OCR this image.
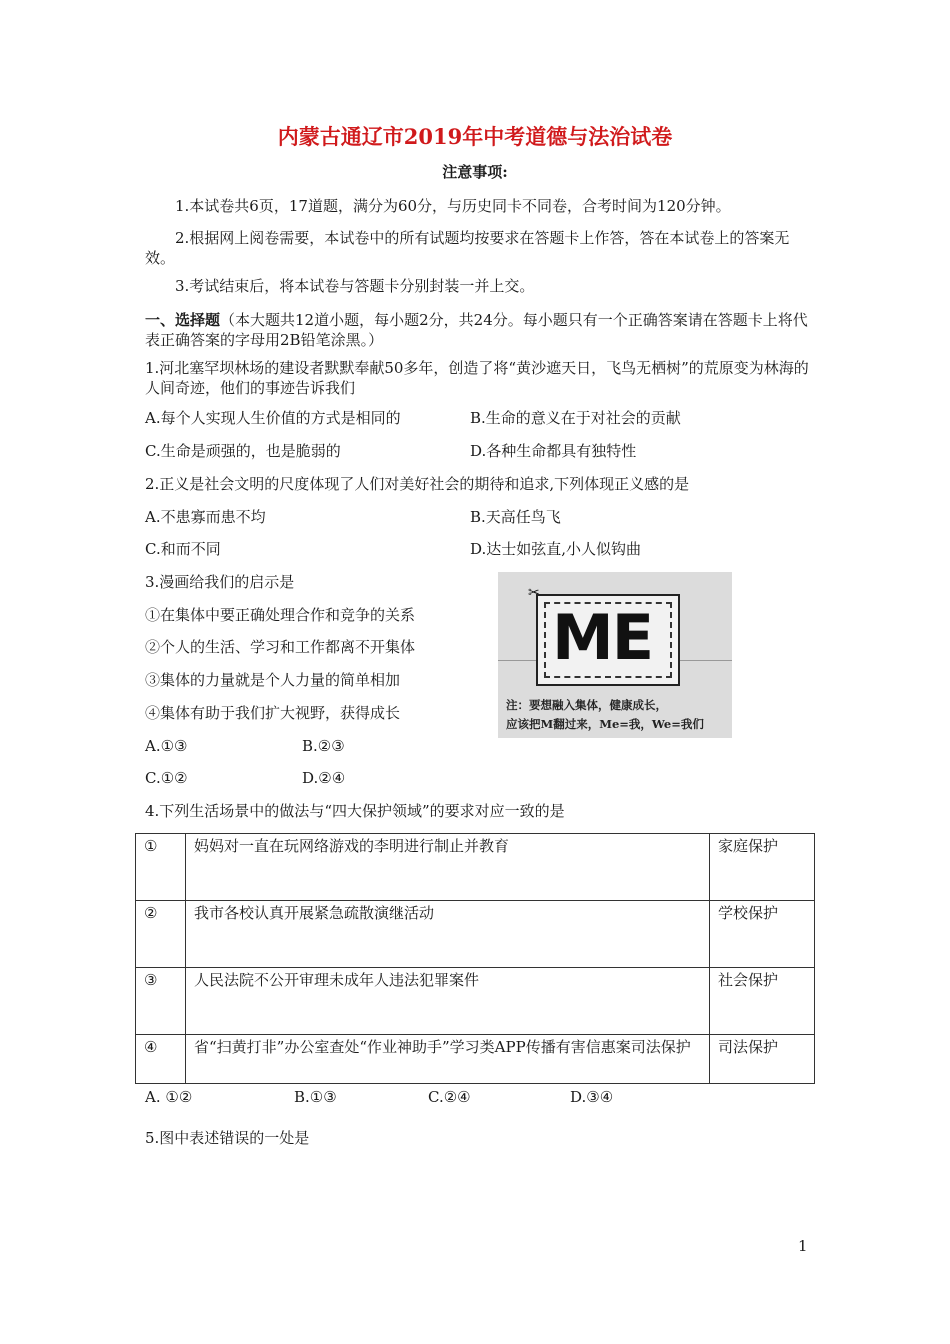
内蒙古通辽市2019年中考道德与法治试卷
注意事项:
1.本试卷共6页，17道题，满分为60分，与历史同卡不同卷，合考时间为120分钟。
2.根据网上阅卷需要，本试卷中的所有试题均按要求在答题卡上作答，答在本试卷上的答案无效。
3.考试结束后，将本试卷与答题卡分别封装一并上交。
一、选择题（本大题共12道小题，每小题2分，共24分。每小题只有一个正确答案请在答题卡上将代表正确答案的字母用2B铅笔涂黑。）
1.河北塞罕坝林场的建设者默默奉献50多年，创造了将“黄沙遮天日，飞鸟无栖树”的荒原变为林海的人间奇迹，他们的事迹告诉我们
A.每个人实现人生价值的方式是相同的	B.生命的意义在于对社会的贡献
C.生命是顽强的，也是脆弱的	D.各种生命都具有独特性
2.正义是社会文明的尺度体现了人们对美好社会的期待和追求,下列体现正义感的是
A.不患寡而患不均	B.天高任鸟飞
C.和而不同	D.达士如弦直,小人似钩曲
3.漫画给我们的启示是
①在集体中要正确处理合作和竞争的关系
②个人的生活、学习和工作都离不开集体
③集体的力量就是个人力量的简单相加
④集体有助于我们扩大视野，获得成长
A.①③	B.②③
C.①②	D.②④
✂
ME
注：要想融入集体，健康成长，
应该把M翻过来，Me=我，We=我们
4.下列生活场景中的做法与“四大保护领域”的要求对应一致的是
①	妈妈对一直在玩网络游戏的李明进行制止并教育	家庭保护
②	我市各校认真开展紧急疏散演继活动	学校保护
③	人民法院不公开审理未成年人违法犯罪案件	社会保护
④	省“扫黄打非”办公室查处“作业神助手”学习类APP传播有害信惠案司法保护	司法保护
A. ①②	B.①③	C.②④	D.③④
5.图中表述错误的一处是
1
